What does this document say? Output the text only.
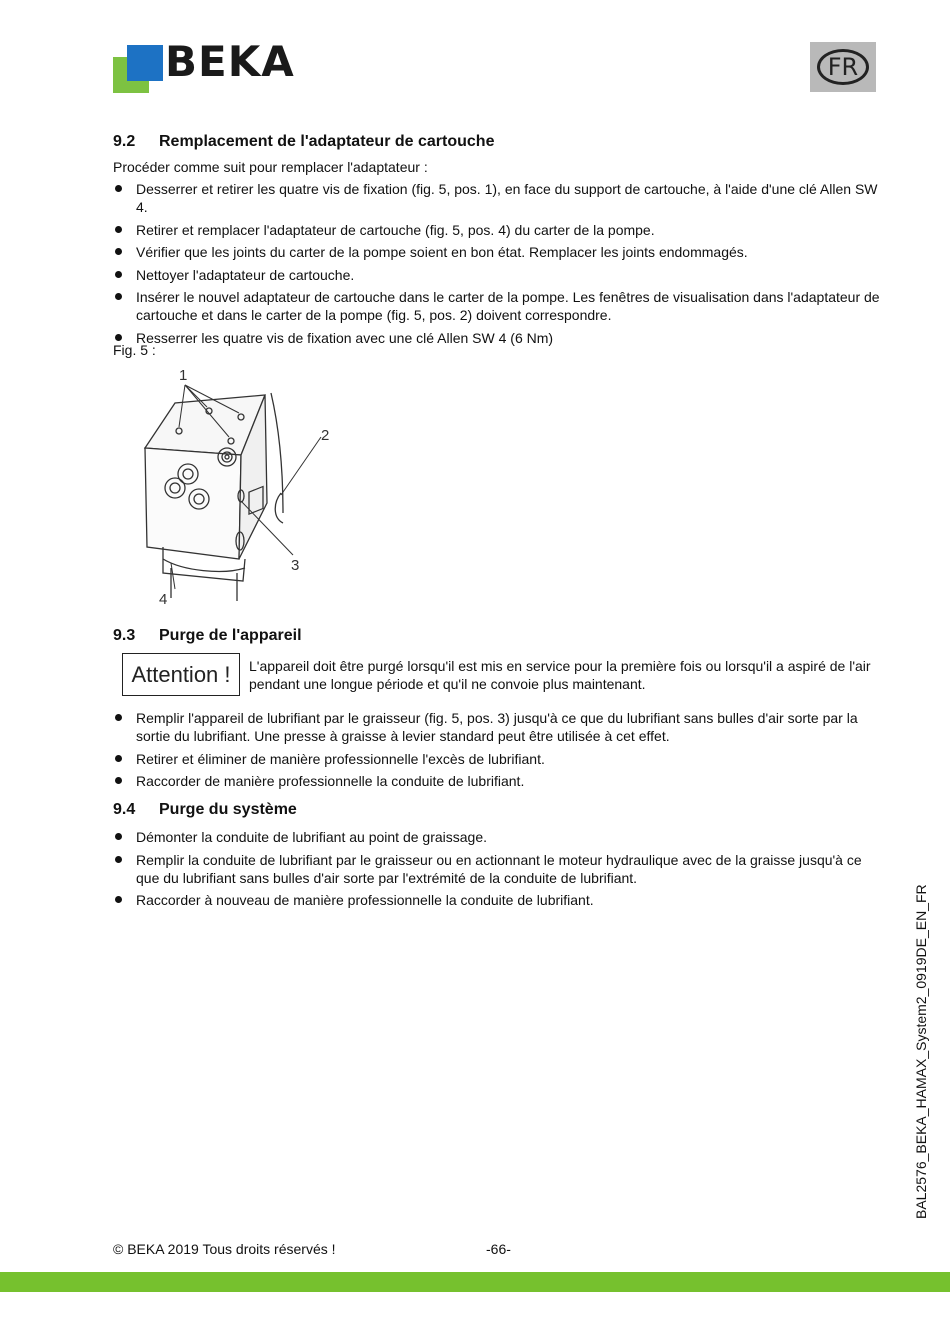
BEKA	FR
9.2	Remplacement de l'adaptateur de cartouche
Procéder comme suit pour remplacer l'adaptateur :
Desserrer et retirer les quatre vis de fixation (fig. 5, pos. 1), en face du support de cartouche, à l'aide d'une clé Allen SW 4.
Retirer et remplacer l'adaptateur de cartouche (fig. 5, pos. 4) du carter de la pompe.
Vérifier que les joints du carter de la pompe soient en bon état. Remplacer les joints endommagés.
Nettoyer l'adaptateur de cartouche.
Insérer le nouvel adaptateur de cartouche dans le carter de la pompe. Les fenêtres de visualisation dans l'adaptateur de cartouche et dans le carter de la pompe (fig. 5, pos. 2) doivent correspondre.
Resserrer les quatre vis de fixation avec une clé Allen SW 4 (6 Nm)
Fig. 5 :
1
2
3
4
9.3	Purge de l'appareil
Attention !	L'appareil doit être purgé lorsqu'il est mis en service pour la première fois ou lorsqu'il a aspiré de l'air pendant une longue période et qu'il ne convoie plus maintenant.
Remplir l'appareil de lubrifiant par le graisseur (fig. 5, pos. 3) jusqu'à ce que du lubrifiant sans bulles d'air sorte par la sortie du lubrifiant. Une presse à graisse à levier standard peut être utilisée à cet effet.
Retirer et éliminer de manière professionnelle l'excès de lubrifiant.
Raccorder de manière professionnelle la conduite de lubrifiant.
9.4	Purge du système
Démonter la conduite de lubrifiant au point de graissage.
Remplir la conduite de lubrifiant par le graisseur ou en actionnant le moteur hydraulique avec de la graisse jusqu'à ce que du lubrifiant sans bulles d'air sorte par l'extrémité de la conduite de lubrifiant.
Raccorder à nouveau de manière professionnelle la conduite de lubrifiant.	BAL2576_BEKA_HAMAX_System2_0919DE_EN_FR
© BEKA 2019 Tous droits réservés !	-66-
